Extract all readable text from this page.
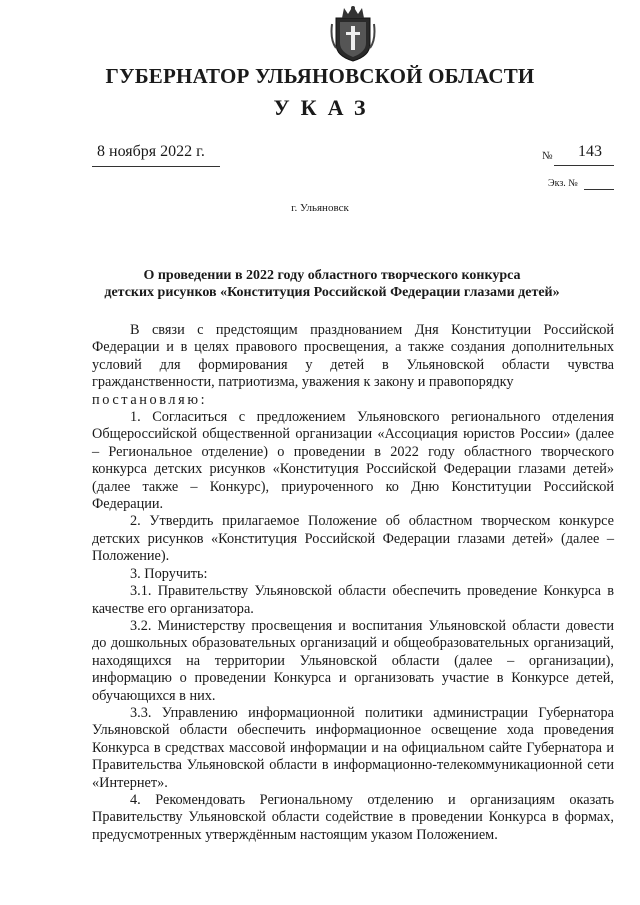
ГУБЕРНАТОР УЛЬЯНОВСКОЙ ОБЛАСТИ
УКАЗ
8 ноября 2022 г.	№ 143
Экз. №
г. Ульяновск
О проведении в 2022 году областного творческого конкурса
детских рисунков «Конституция Российской Федерации глазами детей»

В связи с предстоящим празднованием Дня Конституции Российской Федерации и в целях правового просвещения, а также создания дополнительных условий для формирования у детей в Ульяновской области чувства гражданственности, патриотизма, уважения к закону и правопорядку

постановляю:

1. Согласиться с предложением Ульяновского регионального отделения Общероссийской общественной организации «Ассоциация юристов России» (далее – Региональное отделение) о проведении в 2022 году областного творческого конкурса детских рисунков «Конституция Российской Федерации глазами детей» (далее также – Конкурс), приуроченного ко Дню Конституции Российской Федерации.

2. Утвердить прилагаемое Положение об областном творческом конкурсе детских рисунков «Конституция Российской Федерации глазами детей» (далее – Положение).

3. Поручить:

3.1. Правительству Ульяновской области обеспечить проведение Конкурса в качестве его организатора.

3.2. Министерству просвещения и воспитания Ульяновской области довести до дошкольных образовательных организаций и общеобразовательных организаций, находящихся на территории Ульяновской области (далее – организации), информацию о проведении Конкурса и организовать участие в Конкурсе детей, обучающихся в них.

3.3. Управлению информационной политики администрации Губернатора Ульяновской области обеспечить информационное освещение хода проведения Конкурса в средствах массовой информации и на официальном сайте Губернатора и Правительства Ульяновской области в информационно-телекоммуникационной сети «Интернет».

4. Рекомендовать Региональному отделению и организациям оказать Правительству Ульяновской области содействие в проведении Конкурса в формах, предусмотренных утверждённым настоящим указом Положением.
